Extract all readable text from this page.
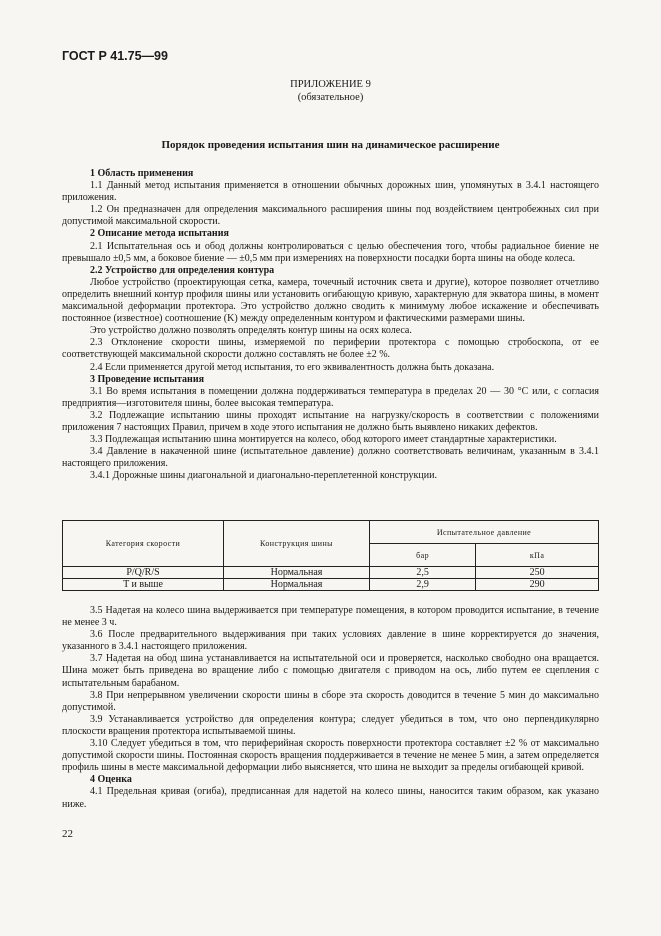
ГОСТ Р 41.75—99
ПРИЛОЖЕНИЕ 9
(обязательное)
Порядок проведения испытания шин на динамическое расширение

1 Область применения

1.1 Данный метод испытания применяется в отношении обычных дорожных шин, упомянутых в 3.4.1 настоящего приложения.

1.2 Он предназначен для определения максимального расширения шины под воздействием центробежных сил при допустимой максимальной скорости.

2 Описание метода испытания

2.1 Испытательная ось и обод должны контролироваться с целью обеспечения того, чтобы радиальное биение не превышало ±0,5 мм, а боковое биение — ±0,5 мм при измерениях на поверхности посадки борта шины на ободе колеса.

2.2 Устройство для определения контура

Любое устройство (проектирующая сетка, камера, точечный источник света и другие), которое позволяет отчетливо определить внешний контур профиля шины или установить огибающую кривую, характерную для экватора шины, в момент максимальной деформации протектора. Это устройство должно сводить к минимуму любое искажение и обеспечивать постоянное (известное) соотношение (K) между определенным контуром и фактическими размерами шины.

Это устройство должно позволять определять контур шины на осях колеса.

2.3 Отклонение скорости шины, измеряемой по периферии протектора с помощью стробоскопа, от ее соответствующей максимальной скорости должно составлять не более ±2 %.

2.4 Если применяется другой метод испытания, то его эквивалентность должна быть доказана.

3 Проведение испытания

3.1 Во время испытания в помещении должна поддерживаться температура в пределах 20 — 30 °С или, с согласия предприятия—изготовителя шины, более высокая температура.

3.2 Подлежащие испытанию шины проходят испытание на нагрузку/скорость в соответствии с положениями приложения 7 настоящих Правил, причем в ходе этого испытания не должно быть выявлено никаких дефектов.

3.3 Подлежащая испытанию шина монтируется на колесо, обод которого имеет стандартные характеристики.

3.4 Давление в накаченной шине (испытательное давление) должно соответствовать величинам, указанным в 3.4.1 настоящего приложения.

3.4.1 Дорожные шины диагональной и диагонально-переплетенной конструкции.

Категория скорости	Конструкция шины	Испытательное давление	
		бар	кПа
P/Q/R/S	Нормальная	2,5	250
T и выше	Нормальная	2,9	290

3.5 Надетая на колесо шина выдерживается при температуре помещения, в котором проводится испытание, в течение не менее 3 ч.

3.6 После предварительного выдерживания при таких условиях давление в шине корректируется до значения, указанного в 3.4.1 настоящего приложения.

3.7 Надетая на обод шина устанавливается на испытательной оси и проверяется, насколько свободно она вращается. Шина может быть приведена во вращение либо с помощью двигателя с приводом на ось, либо путем ее сцепления с испытательным барабаном.

3.8 При непрерывном увеличении скорости шины в сборе эта скорость доводится в течение 5 мин до максимально допустимой.

3.9 Устанавливается устройство для определения контура; следует убедиться в том, что оно перпендикулярно плоскости вращения протектора испытываемой шины.

3.10 Следует убедиться в том, что периферийная скорость поверхности протектора составляет ±2 % от максимально допустимой скорости шины. Постоянная скорость вращения поддерживается в течение не менее 5 мин, а затем определяется профиль шины в месте максимальной деформации либо выясняется, что шина не выходит за пределы огибающей кривой.

4 Оценка

4.1 Предельная кривая (огиба), предписанная для надетой на колесо шины, наносится таким образом, как указано ниже.

22
